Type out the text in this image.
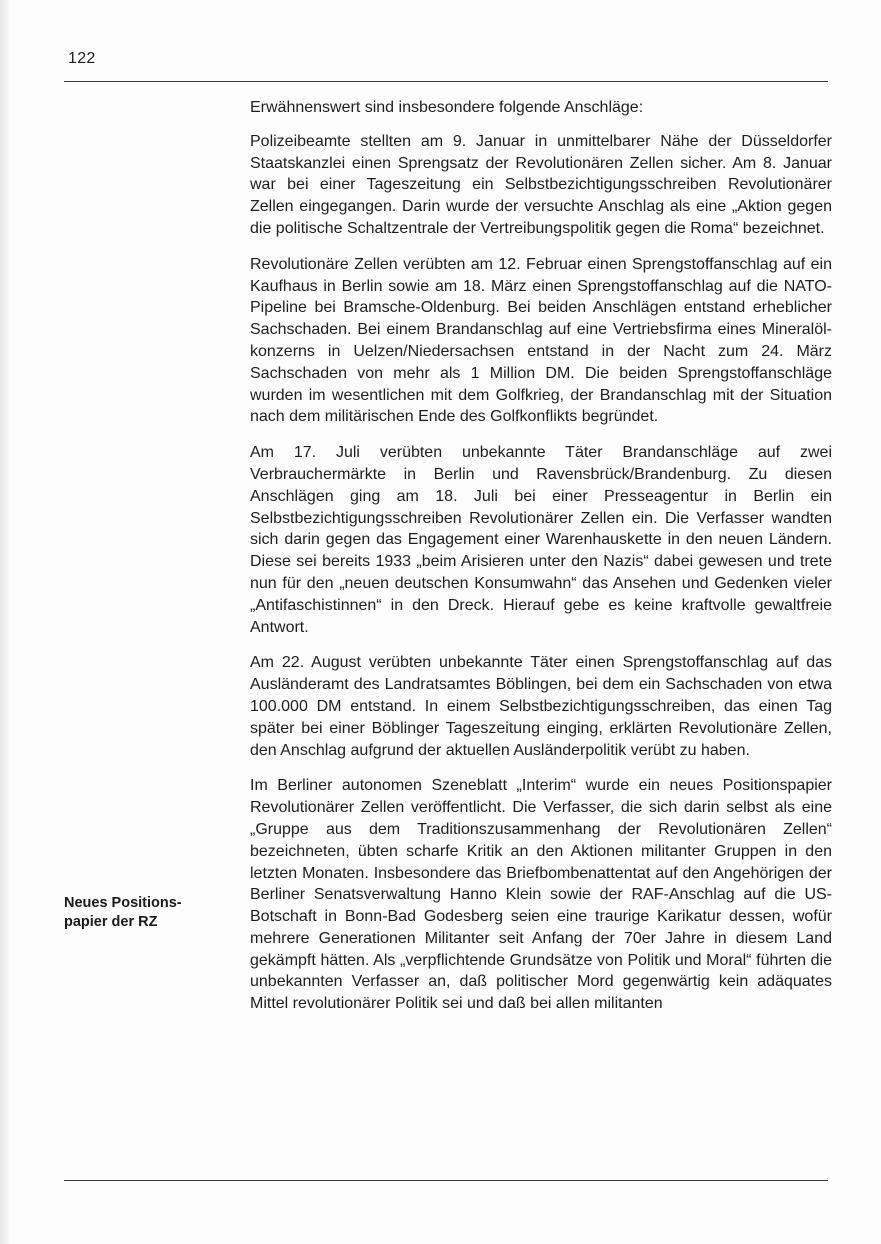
122

Erwähnenswert sind insbesondere folgende Anschläge:

Polizeibeamte stellten am 9. Januar in unmittelbarer Nähe der Düsseldorfer Staatskanzlei einen Sprengsatz der Revolutionären Zellen sicher. Am 8. Januar war bei einer Tageszeitung ein Selbstbezichtigungsschreiben Revolutionärer Zellen eingegangen. Darin wurde der versuchte Anschlag als eine „Aktion gegen die politische Schaltzentrale der Vertreibungspolitik gegen die Roma“ bezeichnet.

Revolutionäre Zellen verübten am 12. Februar einen Sprengstoffanschlag auf ein Kaufhaus in Berlin sowie am 18. März einen Sprengstoffanschlag auf die NATO-Pipeline bei Bramsche-Oldenburg. Bei beiden Anschlägen entstand erheblicher Sachschaden. Bei einem Brandanschlag auf eine Vertriebsfirma eines Mineralölkonzerns in Uelzen/Niedersachsen entstand in der Nacht zum 24. März Sachschaden von mehr als 1 Million DM. Die beiden Sprengstoffanschläge wurden im wesentlichen mit dem Golfkrieg, der Brandanschlag mit der Situation nach dem militärischen Ende des Golfkonflikts begründet.

Am 17. Juli verübten unbekannte Täter Brandanschläge auf zwei Verbrauchermärkte in Berlin und Ravensbrück/Brandenburg. Zu diesen Anschlägen ging am 18. Juli bei einer Presseagentur in Berlin ein Selbstbezichtigungsschreiben Revolutionärer Zellen ein. Die Verfasser wandten sich darin gegen das Engagement einer Warenhauskette in den neuen Ländern. Diese sei bereits 1933 „beim Arisieren unter den Nazis“ dabei gewesen und trete nun für den „neuen deutschen Konsumwahn“ das Ansehen und Gedenken vieler „Antifaschistinnen“ in den Dreck. Hierauf gebe es keine kraftvolle gewaltfreie Antwort.

Am 22. August verübten unbekannte Täter einen Sprengstoffanschlag auf das Ausländeramt des Landratsamtes Böblingen, bei dem ein Sachschaden von etwa 100.000 DM entstand. In einem Selbstbezichtigungsschreiben, das einen Tag später bei einer Böblinger Tageszeitung einging, erklärten Revolutionäre Zellen, den Anschlag aufgrund der aktuellen Ausländerpolitik verübt zu haben.

Im Berliner autonomen Szeneblatt „Interim“ wurde ein neues Positionspapier Revolutionärer Zellen veröffentlicht. Die Verfasser, die sich darin selbst als eine „Gruppe aus dem Traditionszusammenhang der Revolutionären Zellen“ bezeichneten, übten scharfe Kritik an den Aktionen militanter Gruppen in den letzten Monaten. Insbesondere das Briefbombenattentat auf den Angehörigen der Berliner Senatsverwaltung Hanno Klein sowie der RAF-Anschlag auf die US-Botschaft in Bonn-Bad Godesberg seien eine traurige Karikatur dessen, wofür mehrere Generationen Militanter seit Anfang der 70er Jahre in diesem Land gekämpft hätten. Als „verpflichtende Grundsätze von Politik und Moral“ führten die unbekannten Verfasser an, daß politischer Mord gegenwärtig kein adäquates Mittel revolutionärer Politik sei und daß bei allen militanten

Neues Positions-
papier der RZ
